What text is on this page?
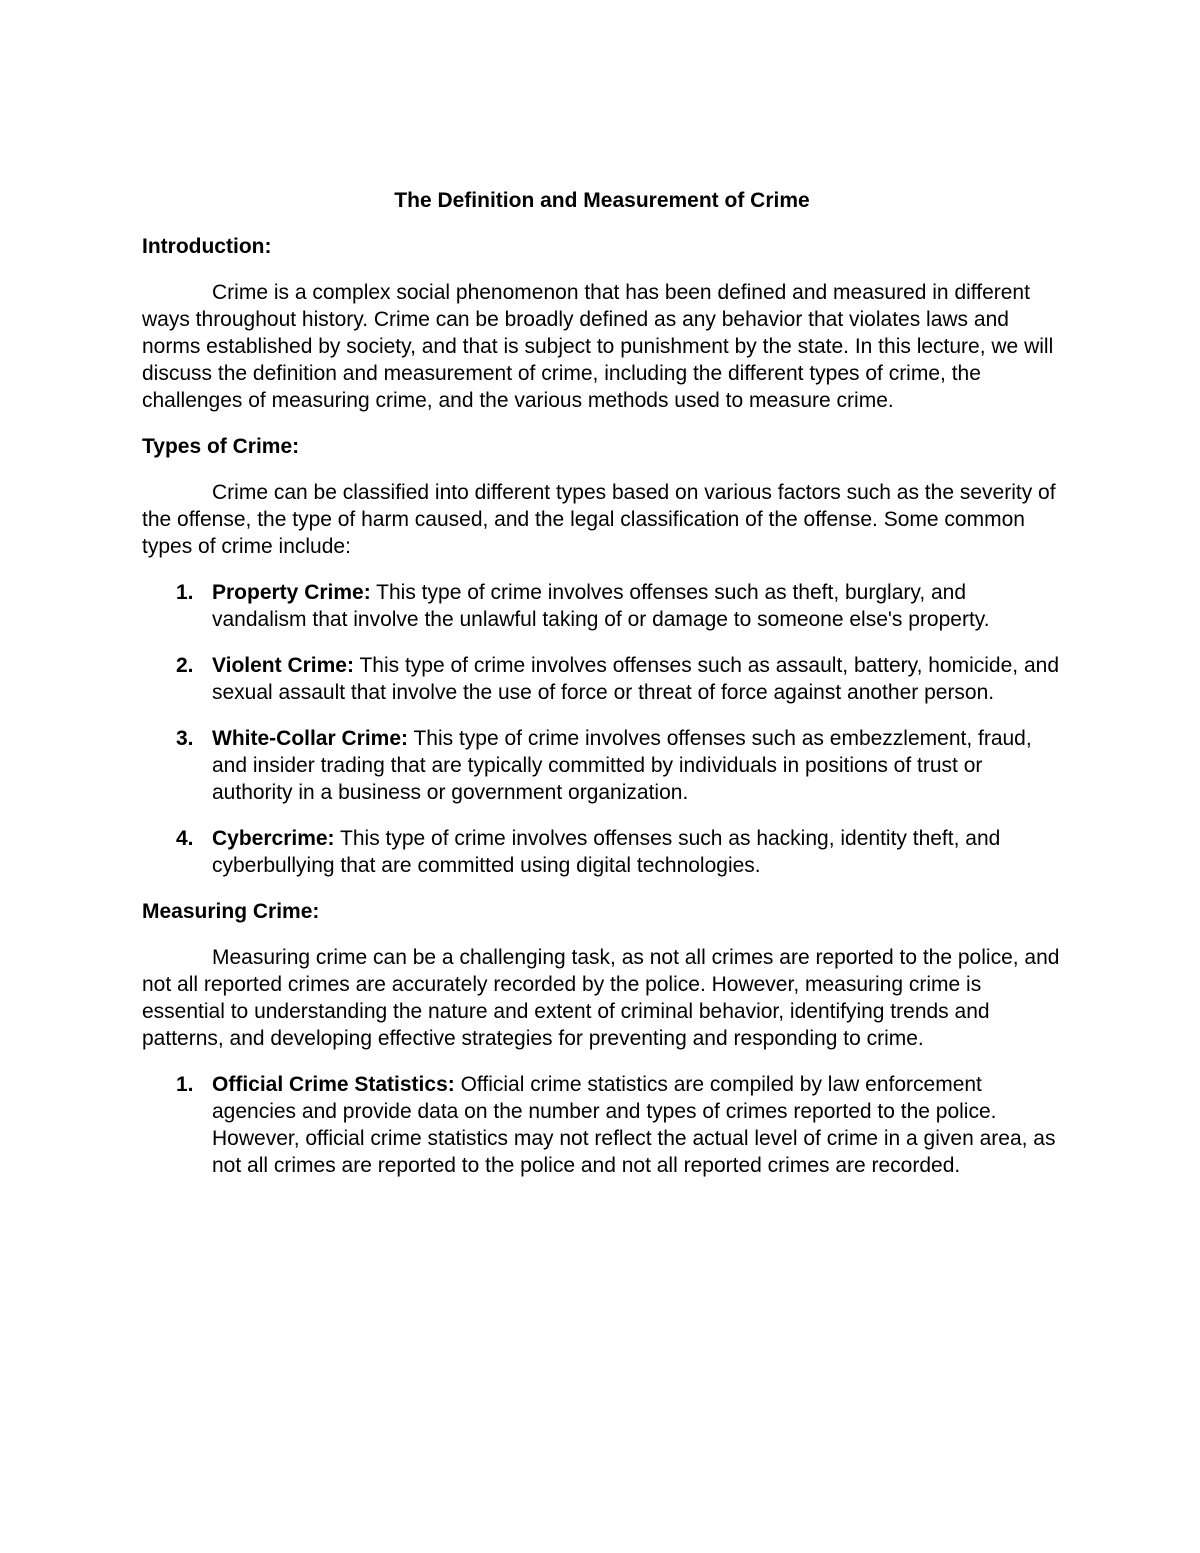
The Definition and Measurement of Crime
Introduction:

Crime is a complex social phenomenon that has been defined and measured in different ways throughout history. Crime can be broadly defined as any behavior that violates laws and norms established by society, and that is subject to punishment by the state. In this lecture, we will discuss the definition and measurement of crime, including the different types of crime, the challenges of measuring crime, and the various methods used to measure crime.

Types of Crime:

Crime can be classified into different types based on various factors such as the severity of the offense, the type of harm caused, and the legal classification of the offense. Some common types of crime include:

1. Property Crime: This type of crime involves offenses such as theft, burglary, and vandalism that involve the unlawful taking of or damage to someone else's property.
2. Violent Crime: This type of crime involves offenses such as assault, battery, homicide, and sexual assault that involve the use of force or threat of force against another person.
3. White-Collar Crime: This type of crime involves offenses such as embezzlement, fraud, and insider trading that are typically committed by individuals in positions of trust or authority in a business or government organization.
4. Cybercrime: This type of crime involves offenses such as hacking, identity theft, and cyberbullying that are committed using digital technologies.
Measuring Crime:

Measuring crime can be a challenging task, as not all crimes are reported to the police, and not all reported crimes are accurately recorded by the police. However, measuring crime is essential to understanding the nature and extent of criminal behavior, identifying trends and patterns, and developing effective strategies for preventing and responding to crime.

1. Official Crime Statistics: Official crime statistics are compiled by law enforcement agencies and provide data on the number and types of crimes reported to the police. However, official crime statistics may not reflect the actual level of crime in a given area, as not all crimes are reported to the police and not all reported crimes are recorded.
